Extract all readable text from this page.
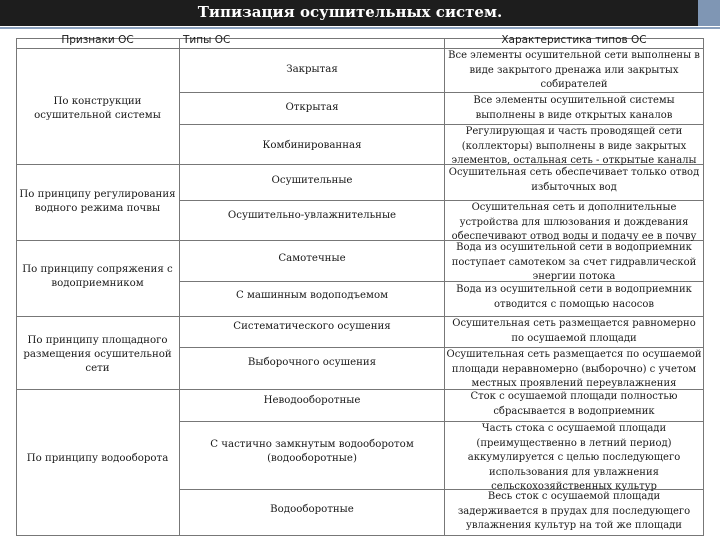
Типизация осушительных систем.
Признаки ОС	Типы ОС	Характеристика типов ОС
По конструкции осушительной системы
По принципу регулирования водного режима почвы
По принципу сопряжения с водоприемником
По принципу площадного размещения осушительной сети
По принципу водооборота
Закрытая
Открытая
Комбинированная
Осушительные
Осушительно-увлажнительные
Самотечные
С машинным водоподъемом
Систематического осушения
Выборочного осушения
Неводооборотные
С частично замкнутым водооборотом (водооборотные)
Водооборотные
Все элементы осушительной сети выполнены в виде закрытого дренажа или закрытых собирателей
Все элементы осушительной системы выполнены в виде открытых каналов
Регулирующая и часть проводящей сети (коллекторы) выполнены в виде закрытых элементов, остальная сеть - открытые каналы
Осушительная сеть обеспечивает только отвод избыточных вод
Осушительная сеть и дополнительные устройства для шлюзования и дождевания обеспечивают отвод воды и подачу ее в почву
Вода из осушительной сети в водоприемник поступает самотеком за счет гидравлической энергии потока
Вода из осушительной сети в водоприемник отводится с помощью насосов
Осушительная сеть размещается равномерно по осушаемой площади
Осушительная сеть размещается по осушаемой площади неравномерно (выборочно) с учетом местных проявлений переувлажнения
Сток с осушаемой площади полностью сбрасывается в водоприемник
Часть стока с осушаемой площади (преимущественно в летний период) аккумулируется с целью последующего использования для увлажнения сельскохозяйственных культур
Весь сток с осушаемой площади задерживается в прудах для последующего увлажнения культур на той же площади
